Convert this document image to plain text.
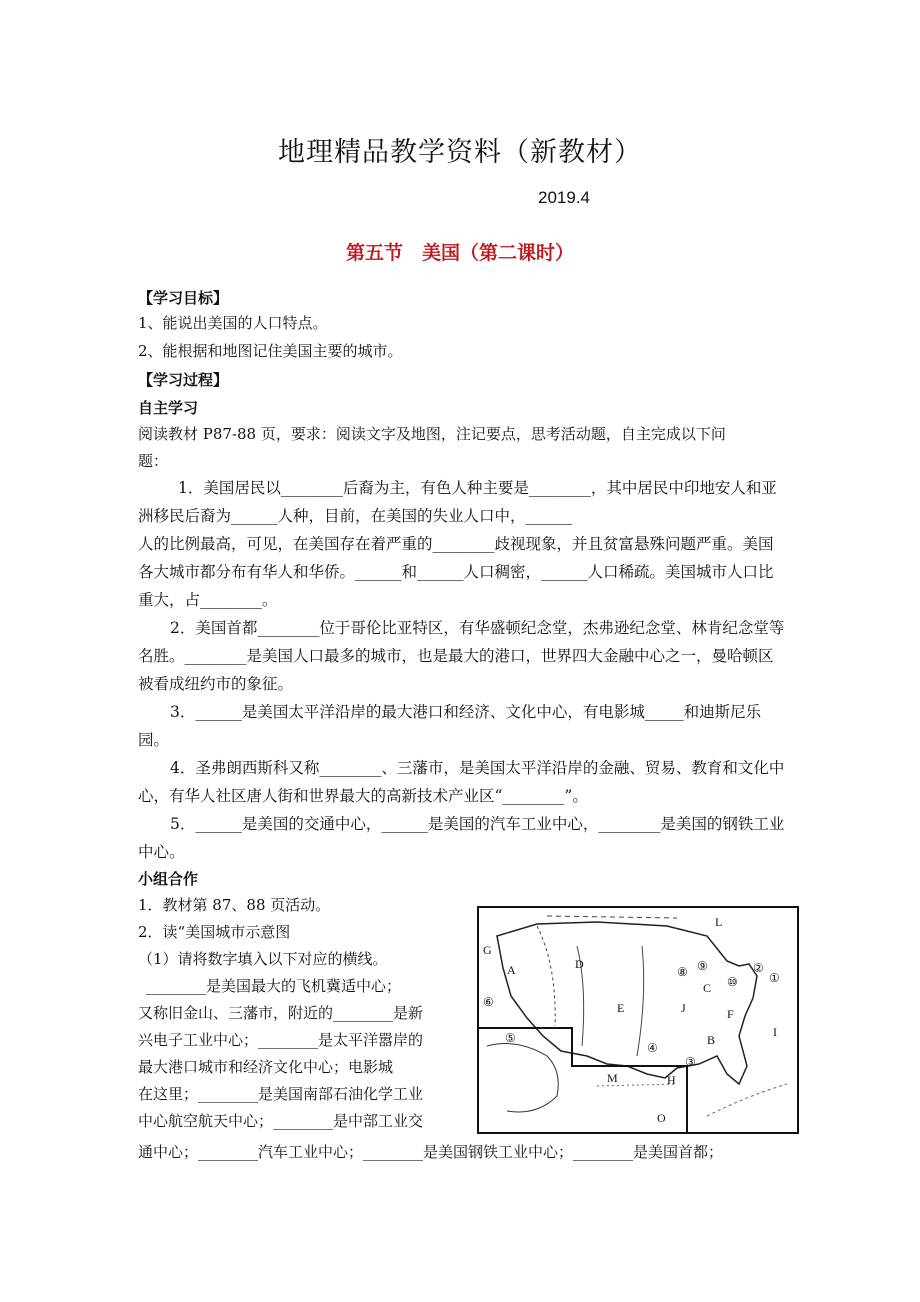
地理精品教学资料（新教材）
2019.4
第五节　美国（第二课时）
【学习目标】
1、能说出美国的人口特点。
2、能根据和地图记住美国主要的城市。
【学习过程】
自主学习
阅读教材 P87-88 页，要求：阅读文字及地图，注记要点，思考活动题，自主完成以下问
题：
1．美国居民以________后裔为主，有色人种主要是________，其中居民中印地安人和亚洲移民后裔为______人种，目前，在美国的失业人口中，______
人的比例最高，可见，在美国存在着严重的________歧视现象，并且贫富悬殊问题严重。美国各大城市都分布有华人和华侨。______和______人口稠密，______人口稀疏。美国城市人口比重大，占________。
2．美国首都________位于哥伦比亚特区，有华盛顿纪念堂，杰弗逊纪念堂、林肯纪念堂等名胜。________是美国人口最多的城市，也是最大的港口，世界四大金融中心之一，曼哈顿区被看成纽约市的象征。
3．______是美国太平洋沿岸的最大港口和经济、文化中心，有电影城_____和迪斯尼乐园。
4．圣弗朗西斯科又称________、三藩市，是美国太平洋沿岸的金融、贸易、教育和文化中心，有华人社区唐人街和世界最大的高新技术产业区“________”。
5．______是美国的交通中心，______是美国的汽车工业中心，________是美国的钢铁工业中心。
小组合作
1．教材第 87、88 页活动。
2．读“美国城市示意图
（1）请将数字填入以下对应的横线。
________是美国最大的飞机冀适中心；
又称旧金山、三藩市，附近的________是新
兴电子工业中心；________是太平洋嚣岸的
最大港口城市和经济文化中心；电影城
在这里；________是美国南部石油化学工业
中心航空航天中心；________是中部工业交
通中心；________汽车工业中心；________是美国钢铁工业中心；________是美国首都；
L
G
A	D
C
E	J	F
B
H
I
M
O
①
②
③
④
⑤
⑥
⑧ ⑨
⑩
